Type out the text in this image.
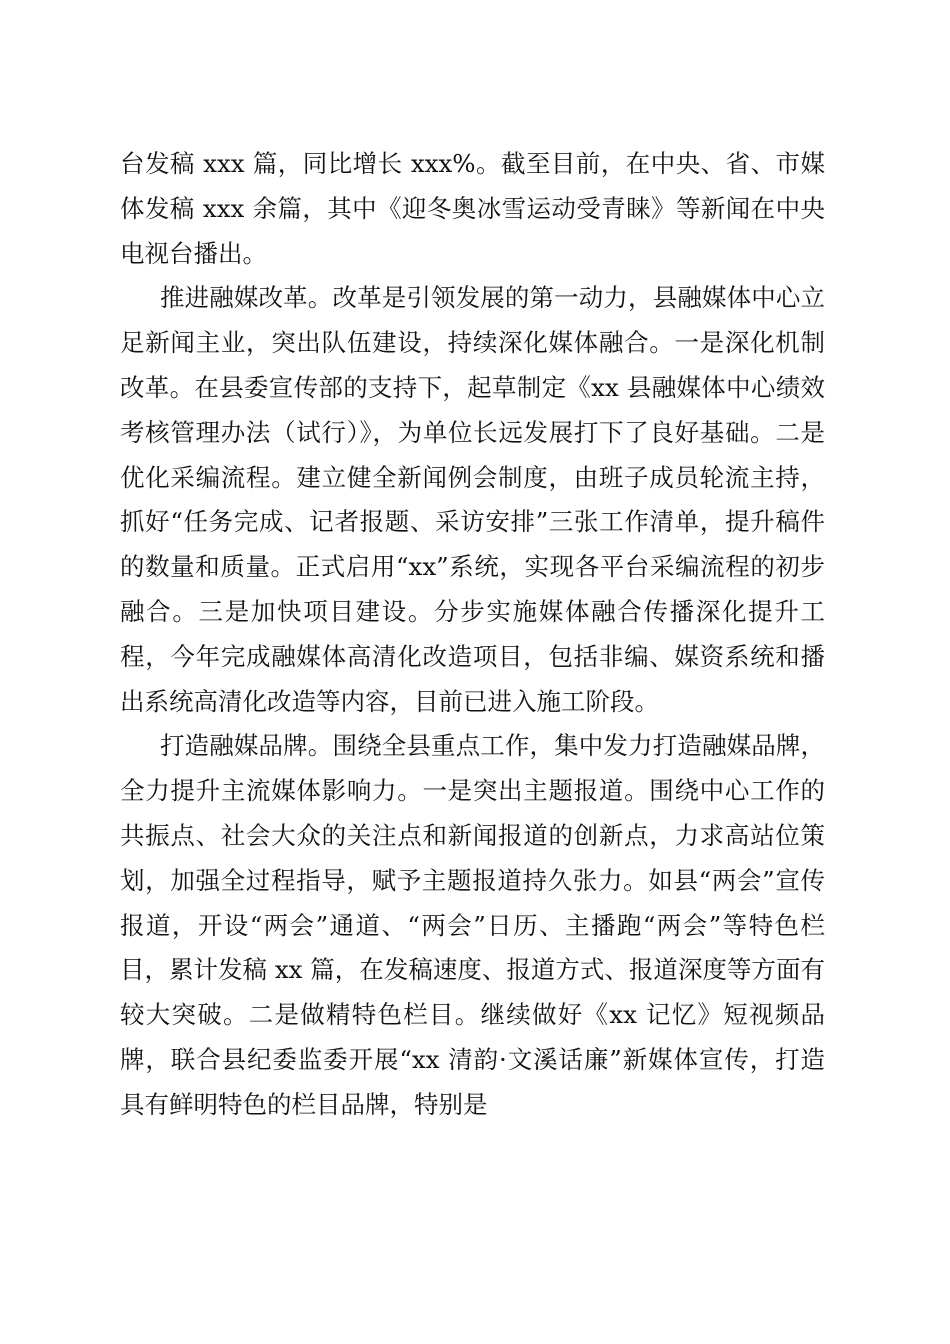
台发稿 xxx 篇，同比增长 xxx%。截至目前，在中央、省、市媒体发稿 xxx 余篇，其中《迎冬奥冰雪运动受青睐》等新闻在中央电视台播出。

推进融媒改革。改革是引领发展的第一动力，县融媒体中心立足新闻主业，突出队伍建设，持续深化媒体融合。一是深化机制改革。在县委宣传部的支持下，起草制定《xx 县融媒体中心绩效考核管理办法（试行）》，为单位长远发展打下了良好基础。二是优化采编流程。建立健全新闻例会制度，由班子成员轮流主持，抓好“任务完成、记者报题、采访安排”三张工作清单，提升稿件的数量和质量。正式启用“xx”系统，实现各平台采编流程的初步融合。三是加快项目建设。分步实施媒体融合传播深化提升工程，今年完成融媒体高清化改造项目，包括非编、媒资系统和播出系统高清化改造等内容，目前已进入施工阶段。

打造融媒品牌。围绕全县重点工作，集中发力打造融媒品牌，全力提升主流媒体影响力。一是突出主题报道。围绕中心工作的共振点、社会大众的关注点和新闻报道的创新点，力求高站位策划，加强全过程指导，赋予主题报道持久张力。如县“两会”宣传报道，开设“两会”通道、“两会”日历、主播跑“两会”等特色栏目，累计发稿 xx 篇，在发稿速度、报道方式、报道深度等方面有较大突破。二是做精特色栏目。继续做好《xx 记忆》短视频品牌，联合县纪委监委开展“xx 清韵·文溪话廉”新媒体宣传，打造具有鲜明特色的栏目品牌，特别是
